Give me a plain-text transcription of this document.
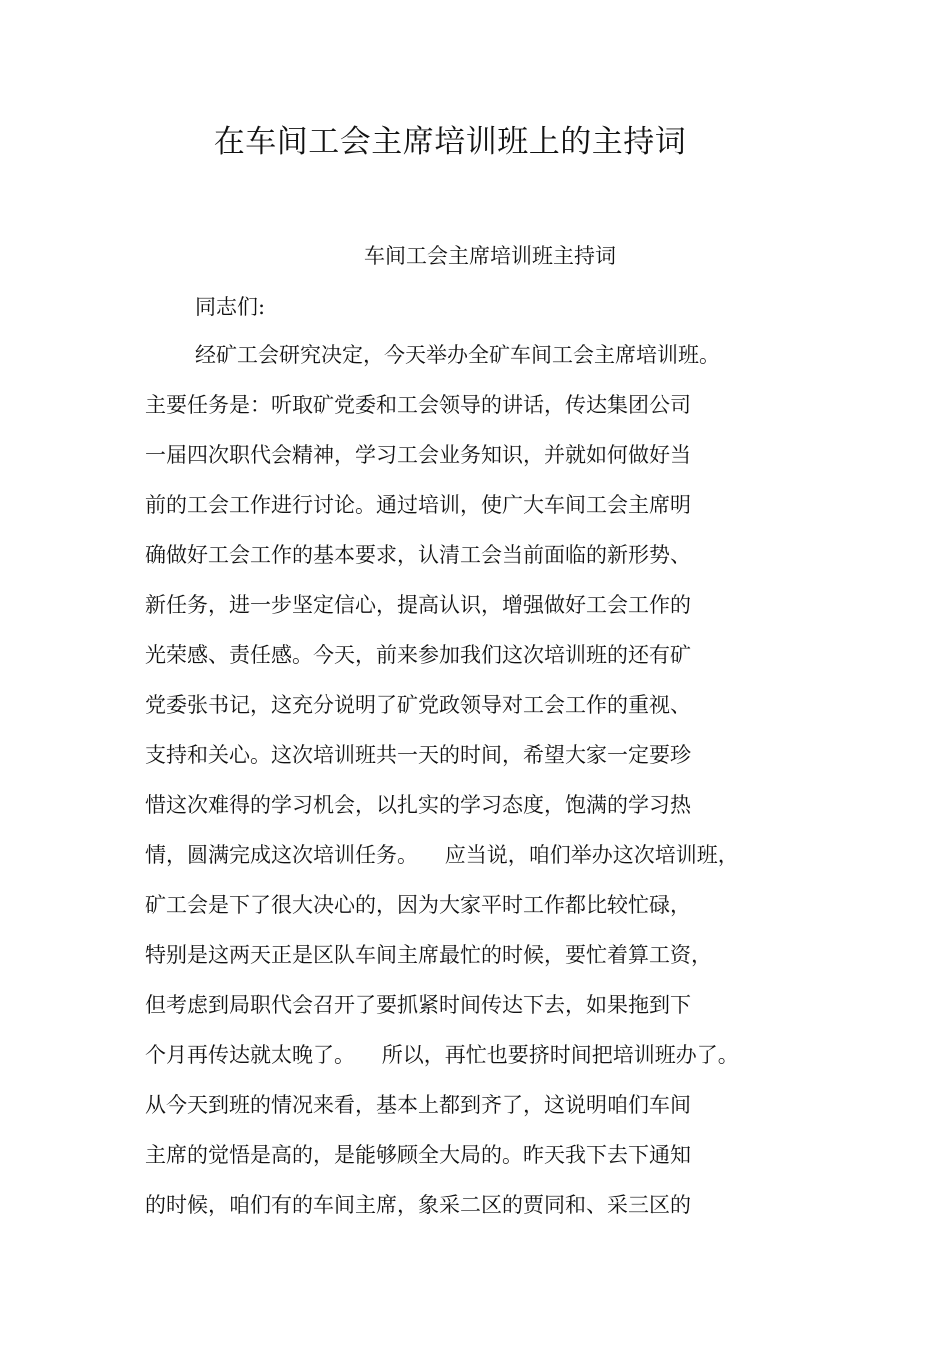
在车间工会主席培训班上的主持词
车间工会主席培训班主持词
同志们:
经矿工会研究决定，今天举办全矿车间工会主席培训班。
主要任务是：听取矿党委和工会领导的讲话，传达集团公司
一届四次职代会精神，学习工会业务知识，并就如何做好当
前的工会工作进行讨论。通过培训，使广大车间工会主席明
确做好工会工作的基本要求，认清工会当前面临的新形势、
新任务，进一步坚定信心，提高认识，增强做好工会工作的
光荣感、责任感。今天，前来参加我们这次培训班的还有矿
党委张书记，这充分说明了矿党政领导对工会工作的重视、
支持和关心。这次培训班共一天的时间，希望大家一定要珍
惜这次难得的学习机会，以扎实的学习态度，饱满的学习热
情，圆满完成这次培训任务。    应当说，咱们举办这次培训班，
矿工会是下了很大决心的，因为大家平时工作都比较忙碌，
特别是这两天正是区队车间主席最忙的时候，要忙着算工资，
但考虑到局职代会召开了要抓紧时间传达下去，如果拖到下
个月再传达就太晚了。    所以，再忙也要挤时间把培训班办了。
从今天到班的情况来看，基本上都到齐了，这说明咱们车间
主席的觉悟是高的，是能够顾全大局的。昨天我下去下通知
的时候，咱们有的车间主席，象采二区的贾同和、采三区的
